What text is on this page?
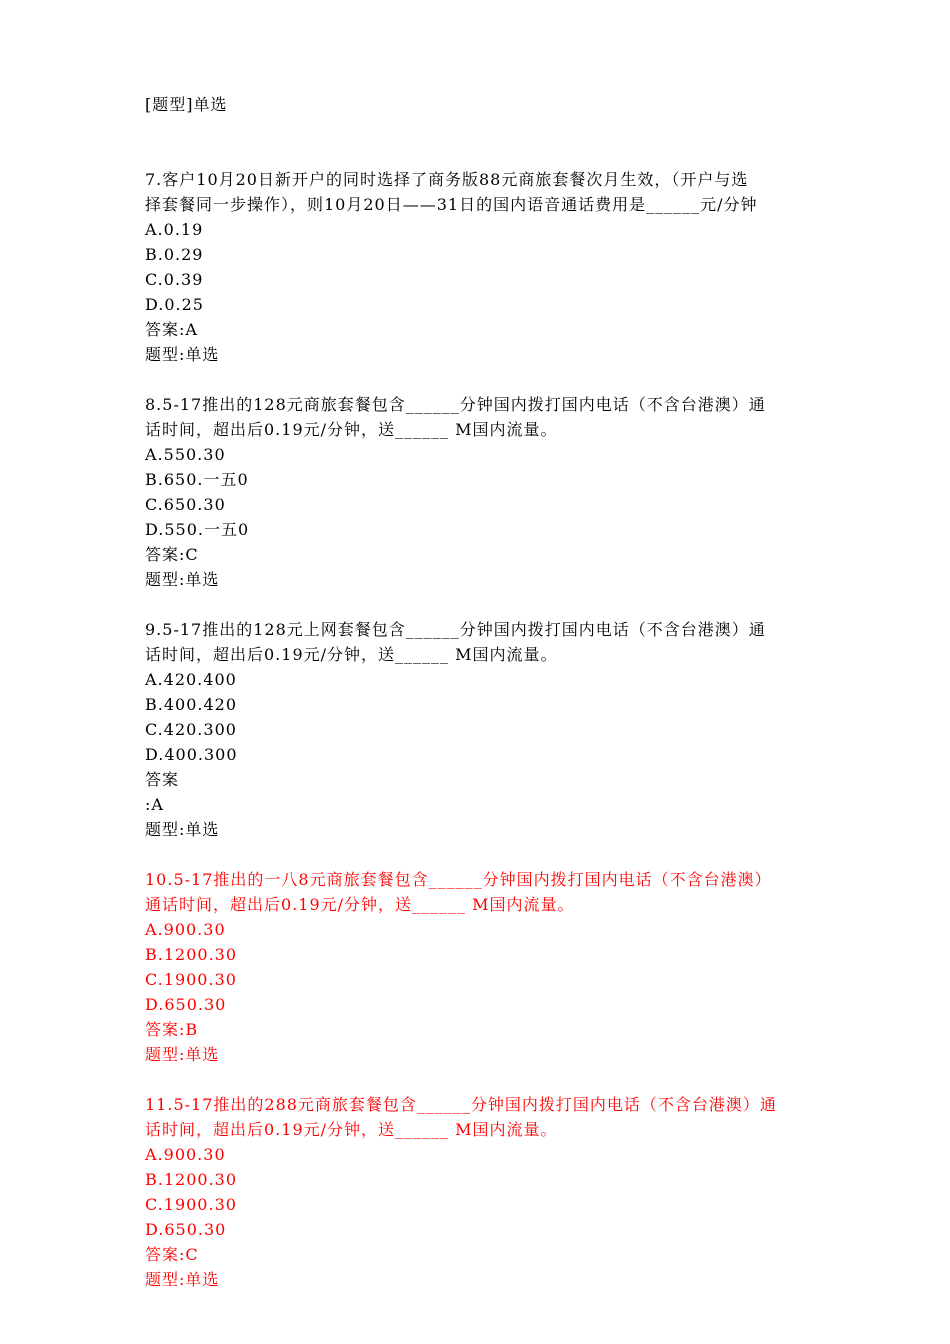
[题型]单选
7.客户10月20日新开户的同时选择了商务版88元商旅套餐次月生效，（开户与选
择套餐同一步操作），则10月20日——31日的国内语音通话费用是______元/分钟
A.0.19
B.0.29
C.0.39
D.0.25
答案:A
题型:单选
8.5-17推出的128元商旅套餐包含______分钟国内拨打国内电话（不含台港澳）通
话时间，超出后0.19元/分钟，送______ M国内流量。
A.550.30
B.650.一五0
C.650.30
D.550.一五0
答案:C
题型:单选
9.5-17推出的128元上网套餐包含______分钟国内拨打国内电话（不含台港澳）通
话时间，超出后0.19元/分钟，送______ M国内流量。
A.420.400
B.400.420
C.420.300
D.400.300
答案
:A
题型:单选
10.5-17推出的一八8元商旅套餐包含______分钟国内拨打国内电话（不含台港澳）
通话时间，超出后0.19元/分钟，送______ M国内流量。
A.900.30
B.1200.30
C.1900.30
D.650.30
答案:B
题型:单选
11.5-17推出的288元商旅套餐包含______分钟国内拨打国内电话（不含台港澳）通
话时间，超出后0.19元/分钟，送______ M国内流量。
A.900.30
B.1200.30
C.1900.30
D.650.30
答案:C
题型:单选
